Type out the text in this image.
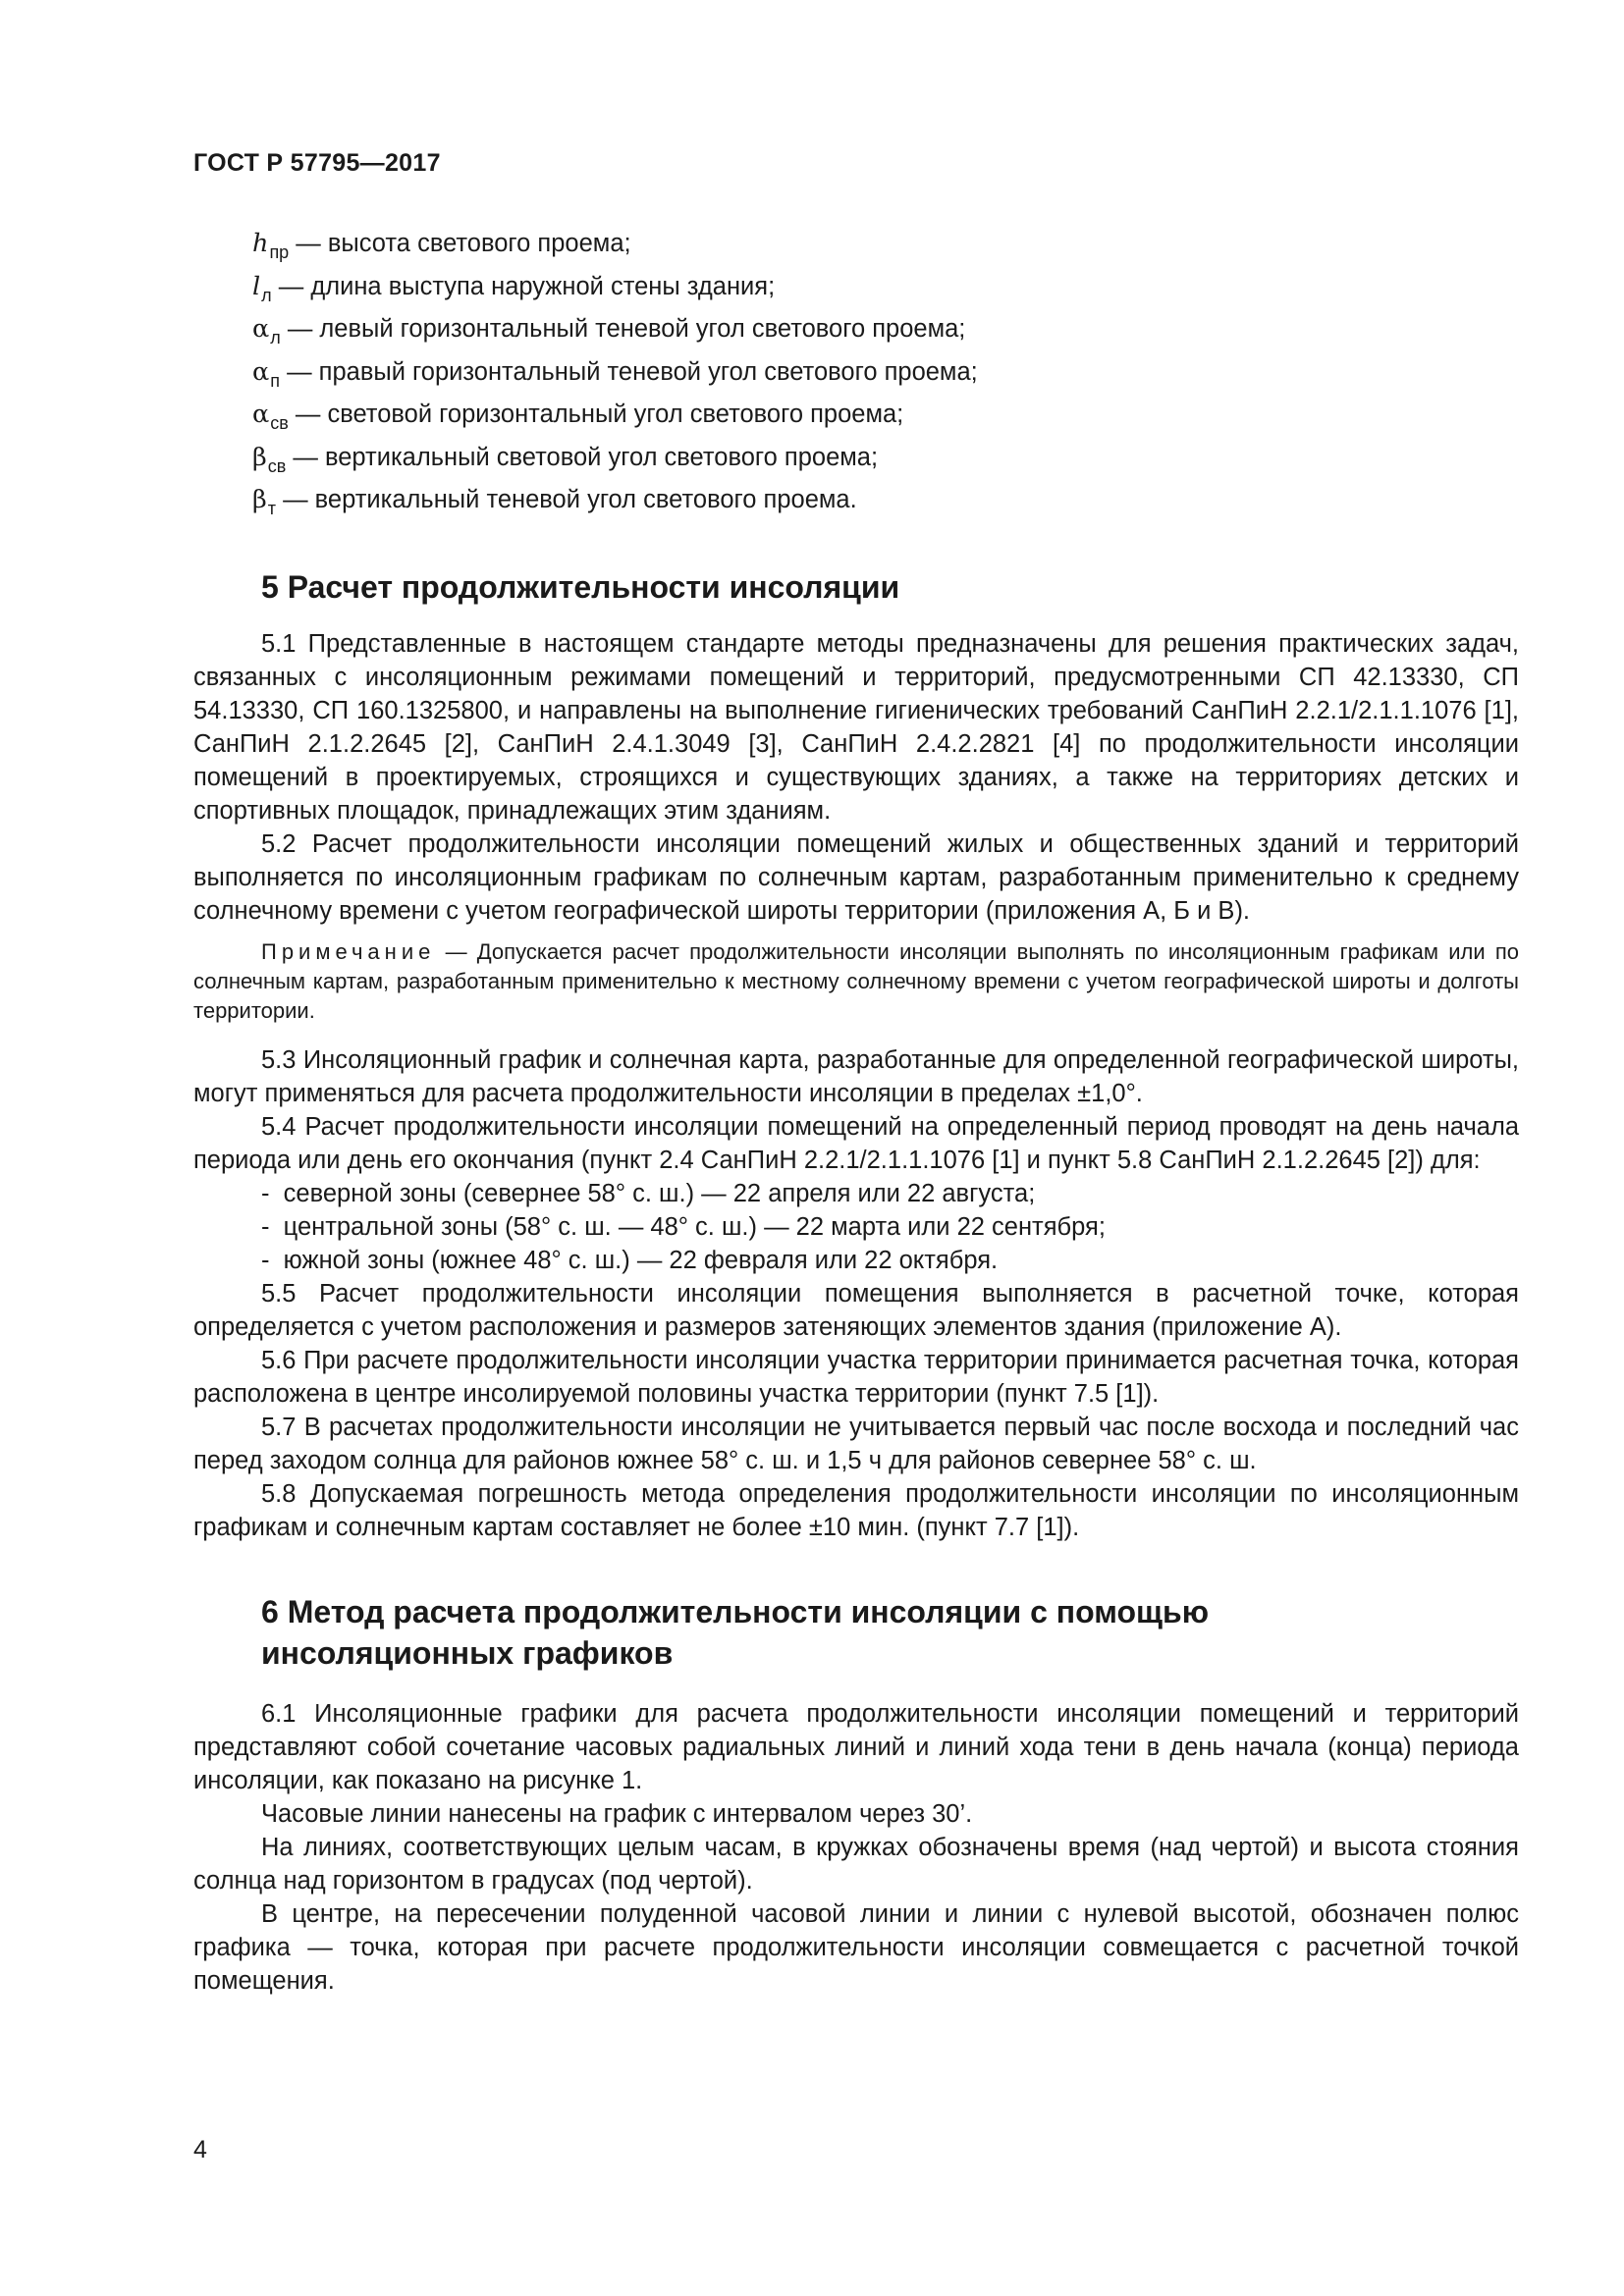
ГОСТ Р 57795—2017
$h_{пр}$ — высота светового проема;
$l_л$ — длина выступа наружной стены здания;
$\alpha_л$ — левый горизонтальный теневой угол светового проема;
$\alpha_п$ — правый горизонтальный теневой угол светового проема;
$\alpha_{св}$ — световой горизонтальный угол светового проема;
$\beta_{св}$ — вертикальный световой угол светового проема;
$\beta_т$ — вертикальный теневой угол светового проема.
5 Расчет продолжительности инсоляции

5.1 Представленные в настоящем стандарте методы предназначены для решения практических задач, связанных с инсоляционным режимами помещений и территорий, предусмотренными СП 42.13330, СП 54.13330, СП 160.1325800, и направлены на выполнение гигиенических требований СанПиН 2.2.1/2.1.1.1076 [1], СанПиН 2.1.2.2645 [2], СанПиН 2.4.1.3049 [3], СанПиН 2.4.2.2821 [4] по продолжительности инсоляции помещений в проектируемых, строящихся и существующих зданиях, а также на территориях детских и спортивных площадок, принадлежащих этим зданиям.

5.2 Расчет продолжительности инсоляции помещений жилых и общественных зданий и территорий выполняется по инсоляционным графикам по солнечным картам, разработанным применительно к среднему солнечному времени с учетом географической широты территории (приложения А, Б и В).

Примечание — Допускается расчет продолжительности инсоляции выполнять по инсоляционным графикам или по солнечным картам, разработанным применительно к местному солнечному времени с учетом географической широты и долготы территории.

5.3 Инсоляционный график и солнечная карта, разработанные для определенной географической широты, могут применяться для расчета продолжительности инсоляции в пределах ±1,0°.

5.4 Расчет продолжительности инсоляции помещений на определенный период проводят на день начала периода или день его окончания (пункт 2.4 СанПиН 2.2.1/2.1.1.1076 [1] и пункт 5.8 СанПиН 2.1.2.2645 [2]) для:

-  северной зоны (севернее 58° с. ш.) — 22 апреля или 22 августа;
-  центральной зоны (58° с. ш. — 48° с. ш.) — 22 марта или 22 сентября;
-  южной зоны (южнее 48° с. ш.) — 22 февраля или 22 октября.

5.5 Расчет продолжительности инсоляции помещения выполняется в расчетной точке, которая определяется с учетом расположения и размеров затеняющих элементов здания (приложение А).

5.6 При расчете продолжительности инсоляции участка территории принимается расчетная точка, которая расположена в центре инсолируемой половины участка территории (пункт 7.5 [1]).

5.7 В расчетах продолжительности инсоляции не учитывается первый час после восхода и последний час перед заходом солнца для районов южнее 58° с. ш. и 1,5 ч для районов севернее 58° с. ш.

5.8 Допускаемая погрешность метода определения продолжительности инсоляции по инсоляционным графикам и солнечным картам составляет не более ±10 мин. (пункт 7.7 [1]).

6 Метод расчета продолжительности инсоляции с помощью
инсоляционных графиков

6.1 Инсоляционные графики для расчета продолжительности инсоляции помещений и территорий представляют собой сочетание часовых радиальных линий и линий хода тени в день начала (конца) периода инсоляции, как показано на рисунке 1.

Часовые линии нанесены на график с интервалом через 30’.

На линиях, соответствующих целым часам, в кружках обозначены время (над чертой) и высота стояния солнца над горизонтом в градусах (под чертой).

В центре, на пересечении полуденной часовой линии и линии с нулевой высотой, обозначен полюс графика — точка, которая при расчете продолжительности инсоляции совмещается с расчетной точкой помещения.

4
